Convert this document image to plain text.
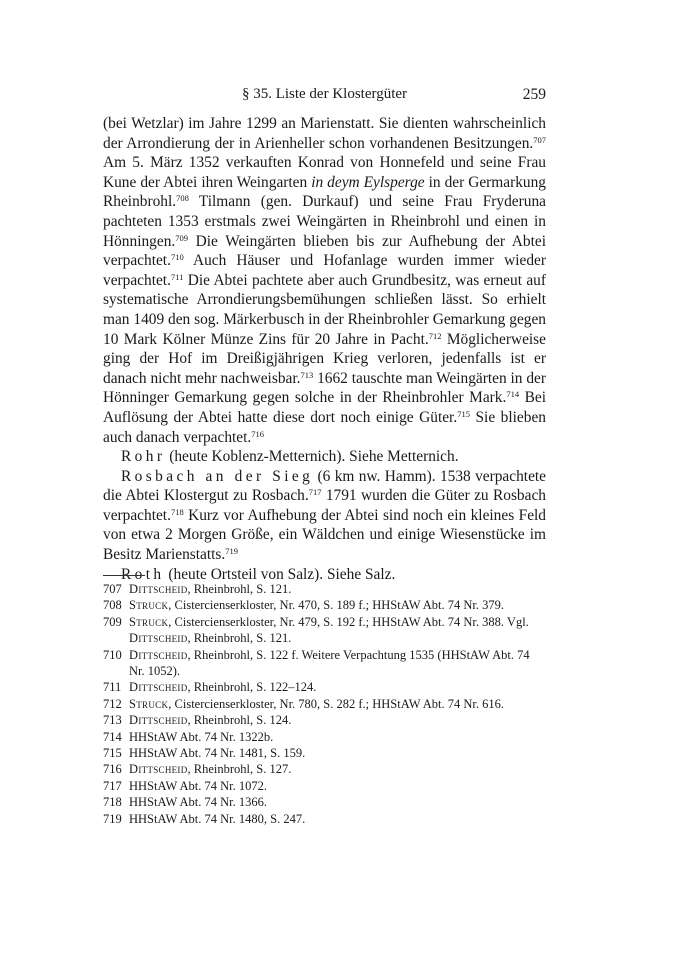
§ 35. Liste der Klostergüter	259

(bei Wetzlar) im Jahre 1299 an Marienstatt. Sie dienten wahrscheinlich der Arrondierung der in Arienheller schon vorhandenen Besitzungen.$^{707}$ Am 5. März 1352 verkauften Konrad von Honnefeld und seine Frau Kune der Abtei ihren Weingarten in deym Eylsperge in der Germarkung Rheinbrohl.$^{708}$ Tilmann (gen. Durkauf) und seine Frau Fryderuna pachteten 1353 erstmals zwei Weingärten in Rheinbrohl und einen in Hönningen.$^{709}$ Die Weingärten blieben bis zur Aufhebung der Abtei verpachtet.$^{710}$ Auch Häuser und Hofanlage wurden immer wieder verpachtet.$^{711}$ Die Abtei pachtete aber auch Grundbesitz, was erneut auf systematische Arrondierungsbemühungen schließen lässt. So erhielt man 1409 den sog. Märkerbusch in der Rheinbrohler Gemarkung gegen 10 Mark Kölner Münze Zins für 20 Jahre in Pacht.$^{712}$ Möglicherweise ging der Hof im Dreißigjährigen Krieg verloren, jedenfalls ist er danach nicht mehr nachweisbar.$^{713}$ 1662 tauschte man Weingärten in der Hönninger Gemarkung gegen solche in der Rheinbrohler Mark.$^{714}$ Bei Auflösung der Abtei hatte diese dort noch einige Güter.$^{715}$ Sie blieben auch danach verpachtet.$^{716}$

Rohr (heute Koblenz-Metternich). Siehe Metternich.

Rosbach an der Sieg (6 km nw. Hamm). 1538 verpachtete die Abtei Klostergut zu Rosbach.$^{717}$ 1791 wurden die Güter zu Rosbach verpachtet.$^{718}$ Kurz vor Aufhebung der Abtei sind noch ein kleines Feld von etwa 2 Morgen Größe, ein Wäldchen und einige Wiesenstücke im Besitz Marienstatts.$^{719}$

Roth (heute Ortsteil von Salz). Siehe Salz.

707 Dittscheid, Rheinbrohl, S. 121.
708 Struck, Cistercienserkloster, Nr. 470, S. 189 f.; HHStAW Abt. 74 Nr. 379.
709 Struck, Cistercienserkloster, Nr. 479, S. 192 f.; HHStAW Abt. 74 Nr. 388. Vgl.
Dittscheid, Rheinbrohl, S. 121.
710 Dittscheid, Rheinbrohl, S. 122 f. Weitere Verpachtung 1535 (HHStAW Abt. 74 Nr. 1052).
711 Dittscheid, Rheinbrohl, S. 122–124.
712 Struck, Cistercienserkloster, Nr. 780, S. 282 f.; HHStAW Abt. 74 Nr. 616.
713 Dittscheid, Rheinbrohl, S. 124.
714 HHStAW Abt. 74 Nr. 1322b.
715 HHStAW Abt. 74 Nr. 1481, S. 159.
716 Dittscheid, Rheinbrohl, S. 127.
717 HHStAW Abt. 74 Nr. 1072.
718 HHStAW Abt. 74 Nr. 1366.
719 HHStAW Abt. 74 Nr. 1480, S. 247.
